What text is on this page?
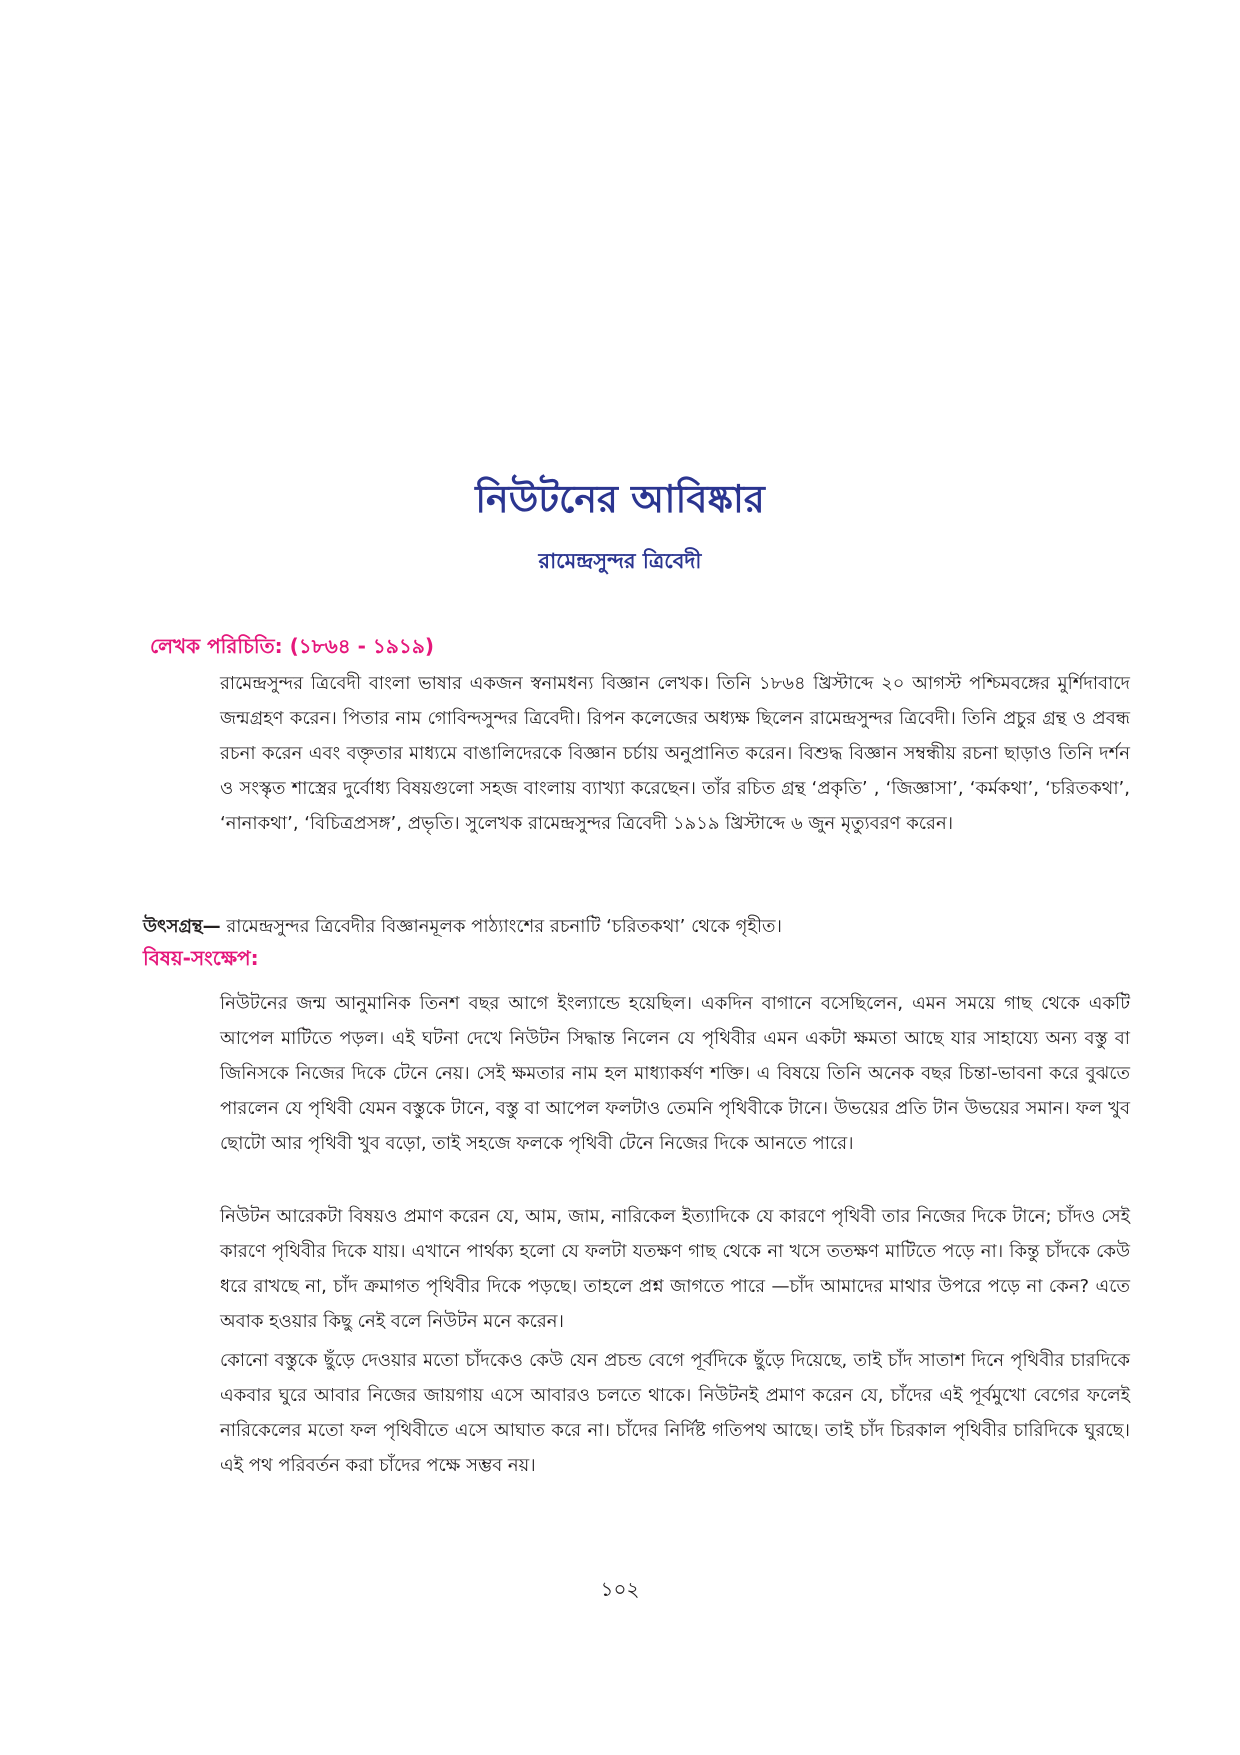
নিউটনের আবিষ্কার
রামেন্দ্রসুন্দর ত্রিবেদী
লেখক পরিচিতি: (১৮৬৪ - ১৯১৯)

রামেন্দ্রসুন্দর ত্রিবেদী বাংলা ভাষার একজন স্বনামধন্য বিজ্ঞান লেখক। তিনি ১৮৬৪ খ্রিস্টাব্দে ২০ আগস্ট পশ্চিমবঙ্গের মুর্শিদাবাদে জন্মগ্রহণ করেন। পিতার নাম গোবিন্দসুন্দর ত্রিবেদী। রিপন কলেজের অধ্যক্ষ ছিলেন রামেন্দ্রসুন্দর ত্রিবেদী। তিনি প্রচুর গ্রন্থ ও প্রবন্ধ রচনা করেন এবং বক্তৃতার মাধ্যমে বাঙালিদেরকে বিজ্ঞান চর্চায় অনুপ্রানিত করেন। বিশুদ্ধ বিজ্ঞান সম্বন্ধীয় রচনা ছাড়াও তিনি দর্শন ও সংস্কৃত শাস্ত্রের দুর্বোধ্য বিষয়গুলো সহজ বাংলায় ব্যাখ্যা করেছেন। তাঁর রচিত গ্রন্থ ‘প্রকৃতি’ , ‘জিজ্ঞাসা’, ‘কর্মকথা’, ‘চরিতকথা’, ‘নানাকথা’, ‘বিচিত্রপ্রসঙ্গ’, প্রভৃতি। সুলেখক রামেন্দ্রসুন্দর ত্রিবেদী ১৯১৯ খ্রিস্টাব্দে ৬ জুন মৃত্যুবরণ করেন।

উৎসগ্রন্থ— রামেন্দ্রসুন্দর ত্রিবেদীর বিজ্ঞানমূলক পাঠ্যাংশের রচনাটি ‘চরিতকথা’ থেকে গৃহীত।

বিষয়-সংক্ষেপ:

নিউটনের জন্ম আনুমানিক তিনশ বছর আগে ইংল্যান্ডে হয়েছিল। একদিন বাগানে বসেছিলেন, এমন সময়ে গাছ থেকে একটি আপেল মাটিতে পড়ল। এই ঘটনা দেখে নিউটন সিদ্ধান্ত নিলেন যে পৃথিবীর এমন একটা ক্ষমতা আছে যার সাহায্যে অন্য বস্তু বা জিনিসকে নিজের দিকে টেনে নেয়। সেই ক্ষমতার নাম হল মাধ্যাকর্ষণ শক্তি। এ বিষয়ে তিনি অনেক বছর চিন্তা-ভাবনা করে বুঝতে পারলেন যে পৃথিবী যেমন বস্তুকে টানে, বস্তু বা আপেল ফলটাও তেমনি পৃথিবীকে টানে। উভয়ের প্রতি টান উভয়ের সমান। ফল খুব ছোটো আর পৃথিবী খুব বড়ো, তাই সহজে ফলকে পৃথিবী টেনে নিজের দিকে আনতে পারে।

নিউটন আরেকটা বিষয়ও প্রমাণ করেন যে, আম, জাম, নারিকেল ইত্যাদিকে যে কারণে পৃথিবী তার নিজের দিকে টানে; চাঁদও সেই কারণে পৃথিবীর দিকে যায়। এখানে পার্থক্য হলো যে ফলটা যতক্ষণ গাছ থেকে না খসে ততক্ষণ মাটিতে পড়ে না। কিন্তু চাঁদকে কেউ ধরে রাখছে না, চাঁদ ক্রমাগত পৃথিবীর দিকে পড়ছে। তাহলে প্রশ্ন জাগতে পারে —চাঁদ আমাদের মাথার উপরে পড়ে না কেন? এতে অবাক হওয়ার কিছু নেই বলে নিউটন মনে করেন।

কোনো বস্তুকে ছুঁড়ে দেওয়ার মতো চাঁদকেও কেউ যেন প্রচন্ড বেগে পূর্বদিকে ছুঁড়ে দিয়েছে, তাই চাঁদ সাতাশ দিনে পৃথিবীর চারদিকে একবার ঘুরে আবার নিজের জায়গায় এসে আবারও চলতে থাকে। নিউটনই প্রমাণ করেন যে, চাঁদের এই পূর্বমুখো বেগের ফলেই নারিকেলের মতো ফল পৃথিবীতে এসে আঘাত করে না। চাঁদের নির্দিষ্ট গতিপথ আছে। তাই চাঁদ চিরকাল পৃথিবীর চারিদিকে ঘুরছে। এই পথ পরিবর্তন করা চাঁদের পক্ষে সম্ভব নয়।

১০২
